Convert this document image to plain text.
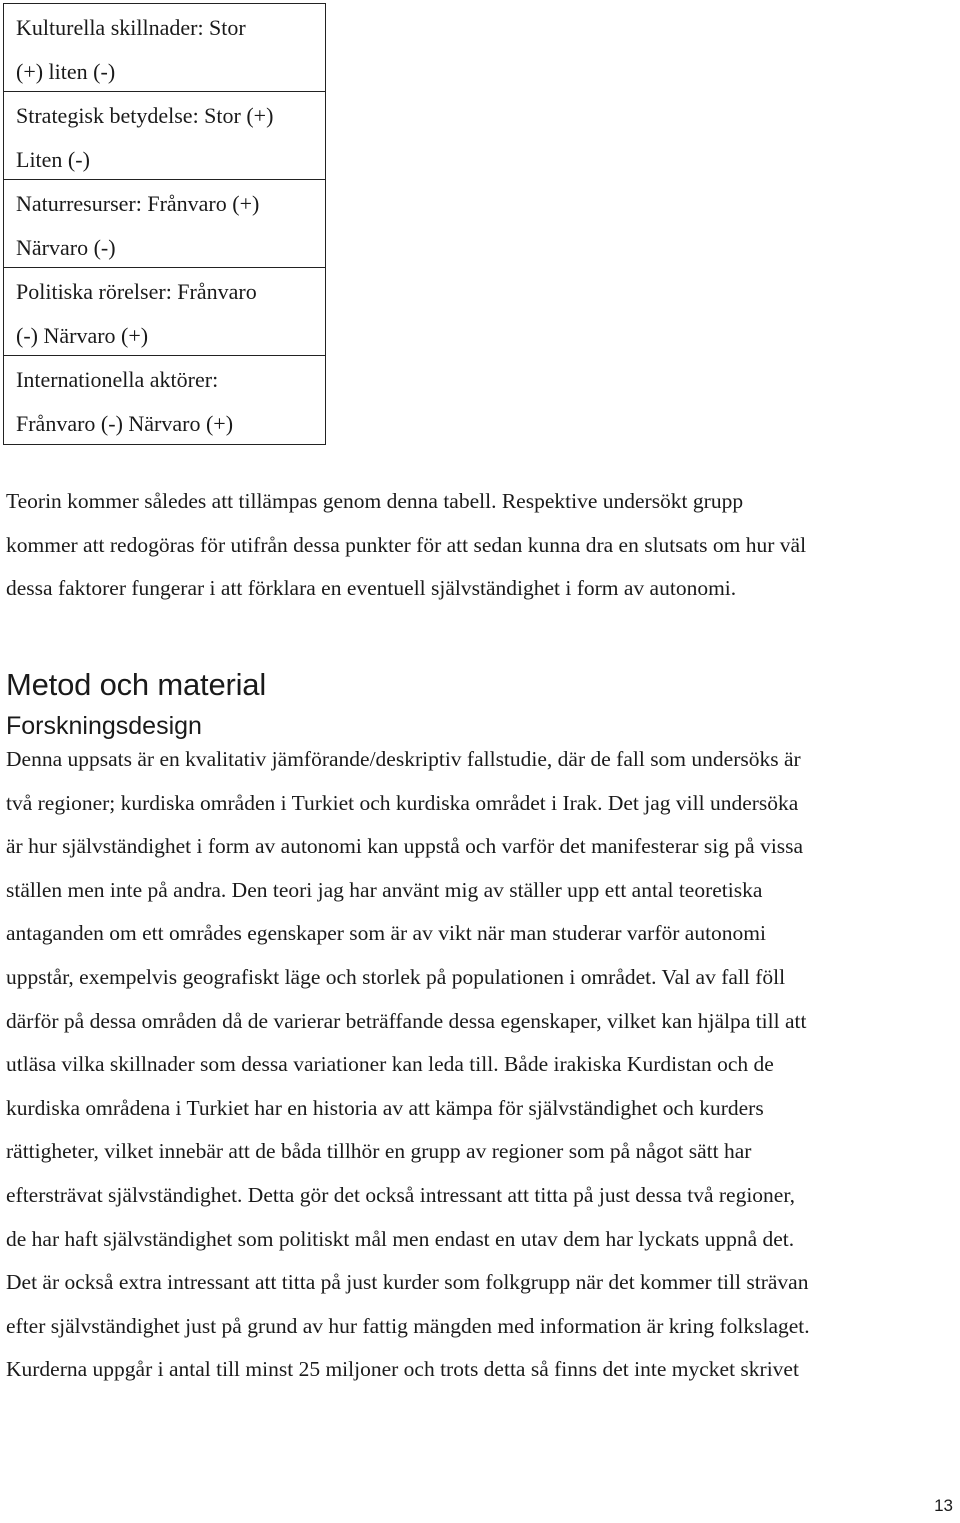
Kulturella skillnader: Stor
(+) liten (-)
Strategisk betydelse: Stor (+)
Liten (-)
Naturresurser: Frånvaro (+)
Närvaro (-)
Politiska rörelser: Frånvaro
(-) Närvaro (+)
Internationella aktörer:
Frånvaro (-) Närvaro (+)

Teorin kommer således att tillämpas genom denna tabell. Respektive undersökt grupp
kommer att redogöras för utifrån dessa punkter för att sedan kunna dra en slutsats om hur väl
dessa faktorer fungerar i att förklara en eventuell självständighet i form av autonomi.

Metod och material
Forskningsdesign

Denna uppsats är en kvalitativ jämförande/deskriptiv fallstudie, där de fall som undersöks är
två regioner; kurdiska områden i Turkiet och kurdiska området i Irak. Det jag vill undersöka
är hur självständighet i form av autonomi kan uppstå och varför det manifesterar sig på vissa
ställen men inte på andra. Den teori jag har använt mig av ställer upp ett antal teoretiska
antaganden om ett områdes egenskaper som är av vikt när man studerar varför autonomi
uppstår, exempelvis geografiskt läge och storlek på populationen i området. Val av fall föll
därför på dessa områden då de varierar beträffande dessa egenskaper, vilket kan hjälpa till att
utläsa vilka skillnader som dessa variationer kan leda till. Både irakiska Kurdistan och de
kurdiska områdena i Turkiet har en historia av att kämpa för självständighet och kurders
rättigheter, vilket innebär att de båda tillhör en grupp av regioner som på något sätt har
eftersträvat självständighet. Detta gör det också intressant att titta på just dessa två regioner,
de har haft självständighet som politiskt mål men endast en utav dem har lyckats uppnå det.
Det är också extra intressant att titta på just kurder som folkgrupp när det kommer till strävan
efter självständighet just på grund av hur fattig mängden med information är kring folkslaget.
Kurderna uppgår i antal till minst 25 miljoner och trots detta så finns det inte mycket skrivet

13
